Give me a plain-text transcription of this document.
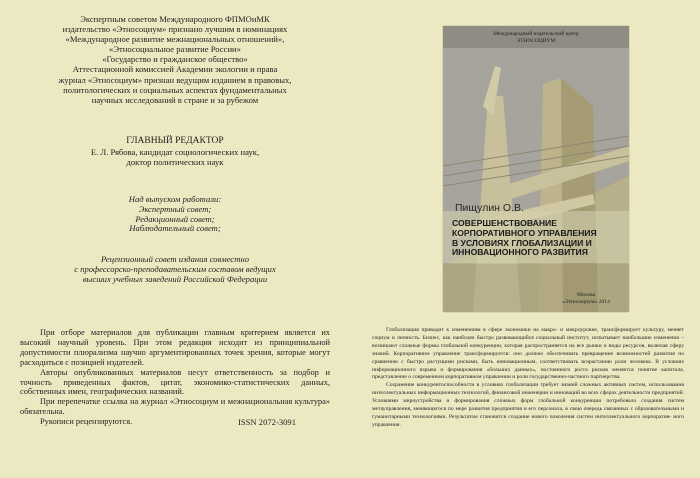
Экспертным советом Международного ФПМОиМК
издательство «Этносоциум» признано лучшим в номинациях
«Международное развитие межнациональных отношений»,
«Этносоциальное развитие России»
«Государство и гражданское общество»
Аттестационной комиссией Академии экологии и права
журнал «Этносоциум» признан ведущим изданием в правовых,
политологических и социальных аспектах фундаментальных
научных исследований в стране и за рубежом
ГЛАВНЫЙ РЕДАКТОР
Е. Л. Рябова, кандидат социологических наук,
доктор политических наук
Над выпуском работали:
Экспертный совет;
Редакционный совет;
Наблюдательный совет;
Рецензионный совет издания совместно
с профессорско-преподавательским составом ведущих
высших учебных заведений Российской Федерации

При отборе материалов для публикации главным критерием является их высокий научный уровень. При этом редакция исходит из принципиальной допустимости плюрализма научно аргументированных точек зрения, которые могут расходиться с позицией издателей.

Авторы опубликованных материалов несут ответственность за подбор и точность приведенных фактов, цитат, экономико-статистических данных, собственных имен, географических названий.

При перепечатке ссылка на журнал «Этносоциум и межнациональная культура» обязательна.

Рукописи рецензируются.	ISSN 2072-3091
Международный издательский центр
ЭТНОСОЦИУМ
Пищулин О.В.
СОВЕРШЕНСТВОВАНИЕ
КОРПОРАТИВНОГО УПРАВЛЕНИЯ
В УСЛОВИЯХ ГЛОБАЛИЗАЦИИ И
ИННОВАЦИОННОГО РАЗВИТИЯ
Москва
«Этносоциум» 2014

Глобализация приводит к изменениям в сфере экономики на макро- и микроуровне, трансформирует культуру, меняет социум и личность. Бизнес, как наиболее быстро развивающийся социальный институт, испытывает наибольшие изменения – возникают сложные формы глобальной конкуренции, которая распространяется на все рынки и виды ресурсов, включая сферу знаний. Корпоративное управление трансформируется: оно должно обеспечивать превращение возможностей развития по сравнению с быстро растущими рисками, быть инновационным, соответствовать возрастанию роли человека. В условиях информационного взрыва и формирования «больших данных», постоянного роста рисков меняется понятие капитала, представление о современном корпоративном управлении и роли государственно-частного партнерства.

Сохранение конкурентоспособности в условиях глобализации требует знаний сложных активных систем, использования интеллектуальных информационных технологий, финансовой инженерии и инноваций во всех сферах деятельности предприятий. Условиями мироустройства и формирования сложных форм глобальной конкуренции потребовало создания систем метауправления, меняющегося по мере развития предприятия и его персонала, в свою очередь связанных с образовательными и гуманитарными технологиями. Результатом становится создание нового поколения систем интеллектуального корпоратив- ного управления.
